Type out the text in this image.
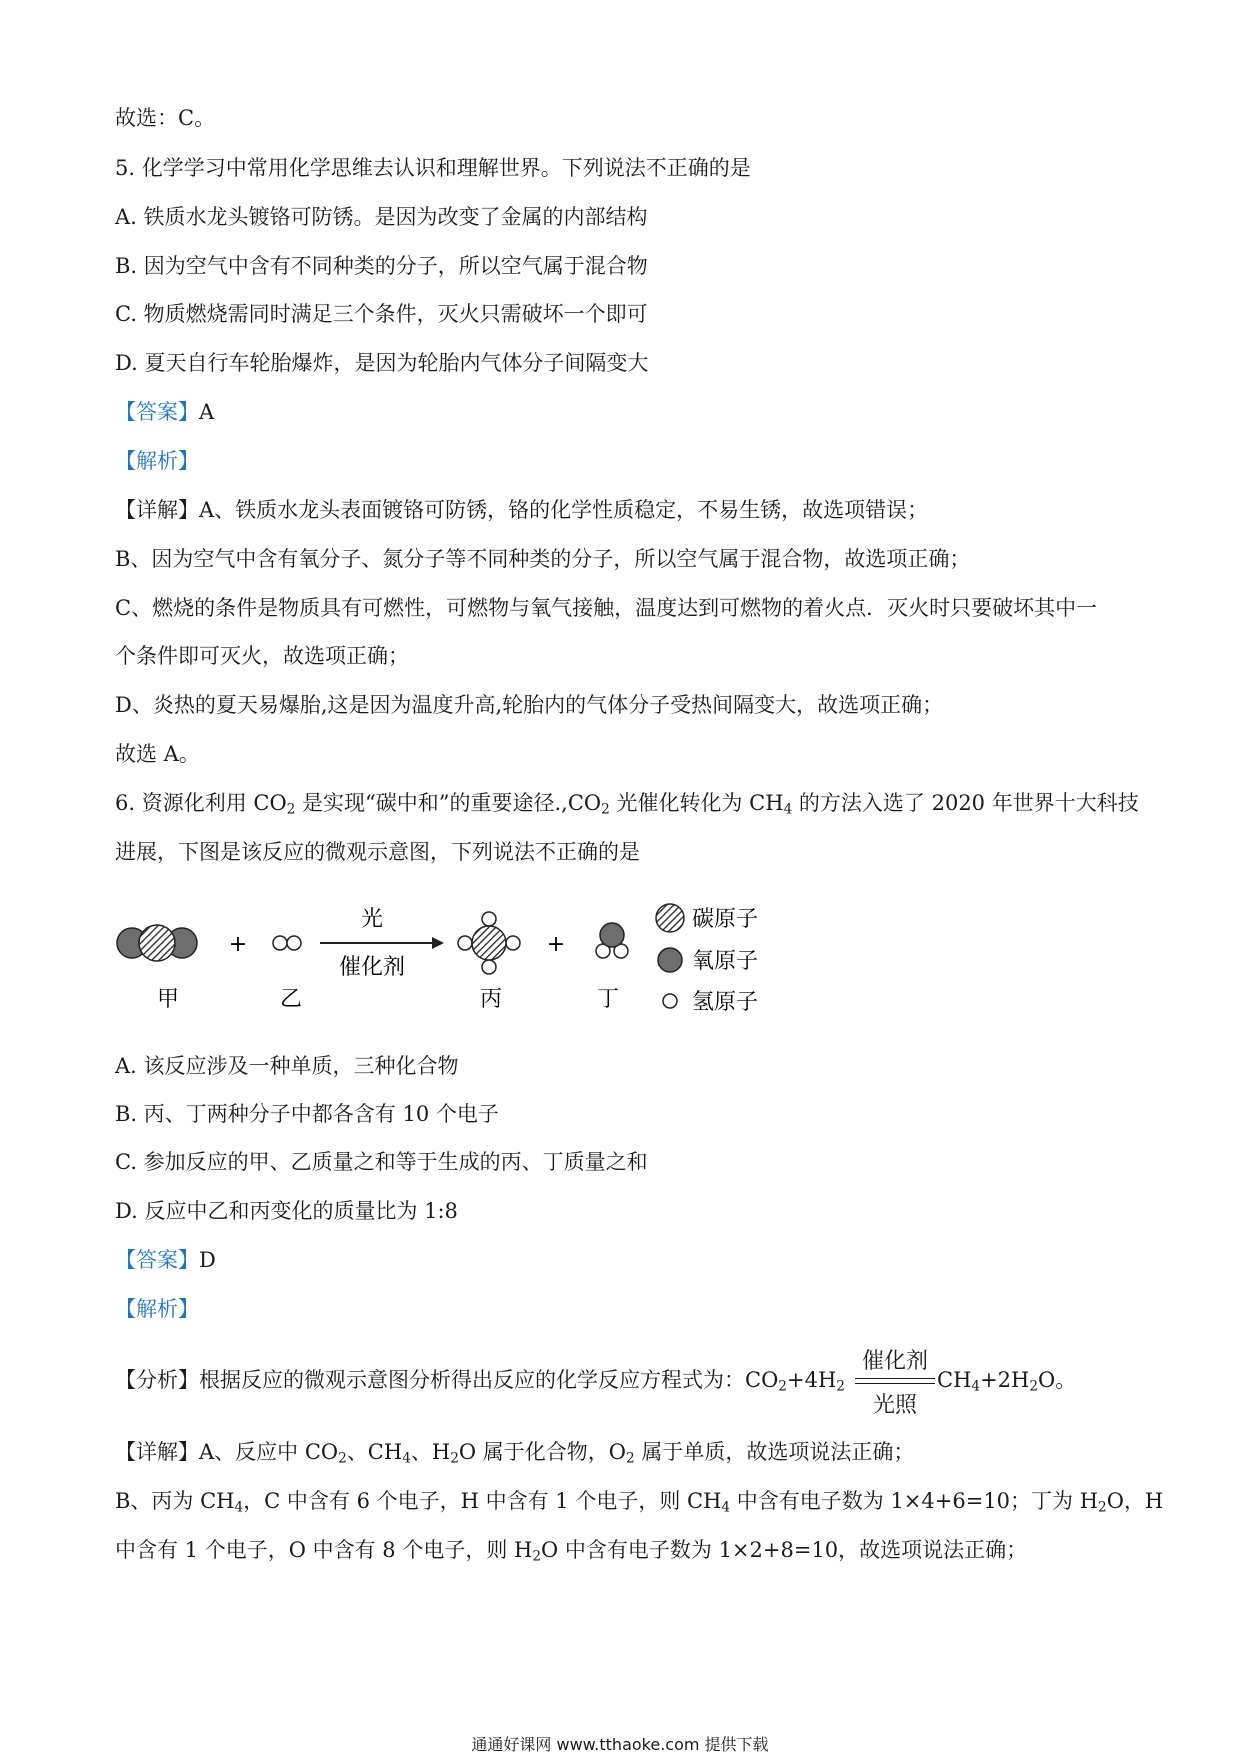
故选：C。
5. 化学学习中常用化学思维去认识和理解世界。下列说法不正确的是
A. 铁质水龙头镀铬可防锈。是因为改变了金属的内部结构
B. 因为空气中含有不同种类的分子，所以空气属于混合物
C. 物质燃烧需同时满足三个条件，灭火只需破坏一个即可
D. 夏天自行车轮胎爆炸，是因为轮胎内气体分子间隔变大
【答案】A
【解析】
【详解】A、铁质水龙头表面镀铬可防锈，铬的化学性质稳定，不易生锈，故选项错误；
B、因为空气中含有氧分子、氮分子等不同种类的分子，所以空气属于混合物，故选项正确；
C、燃烧的条件是物质具有可燃性，可燃物与氧气接触，温度达到可燃物的着火点．灭火时只要破坏其中一
个条件即可灭火，故选项正确；
D、炎热的夏天易爆胎,这是因为温度升高,轮胎内的气体分子受热间隔变大，故选项正确；
故选 A。
6. 资源化利用 $CO_2$ 是实现“碳中和”的重要途径$.,CO_2$ 光催化转化为 $CH_4$ 的方法入选了 2020 年世界十大科技
进展，下图是该反应的微观示意图，下列说法不正确的是
+
光
催化剂
+
甲	乙	丙	丁
碳原子
氧原子
氢原子
A. 该反应涉及一种单质，三种化合物
B. 丙、丁两种分子中都各含有 10 个电子
C. 参加反应的甲、乙质量之和等于生成的丙、丁质量之和
D. 反应中乙和丙变化的质量比为 1:8
【答案】D
【解析】
【分析】根据反应的微观示意图分析得出反应的化学反应方程式为：$CO_2+4H_2$
催化剂
光照
$CH_4+2H_2O$。
【详解】A、反应中 $CO_2$、$CH_4$、$H_2O$ 属于化合物，$O_2$ 属于单质，故选项说法正确；
B、丙为 $CH_4$，C 中含有 6 个电子，H 中含有 1 个电子，则 $CH_4$ 中含有电子数为 1×4+6=10；丁为 $H_2O$，H
中含有 1 个电子，O 中含有 8 个电子，则 $H_2O$ 中含有电子数为 1×2+8=10，故选项说法正确；
通通好课网 www.tthaoke.com 提供下载
